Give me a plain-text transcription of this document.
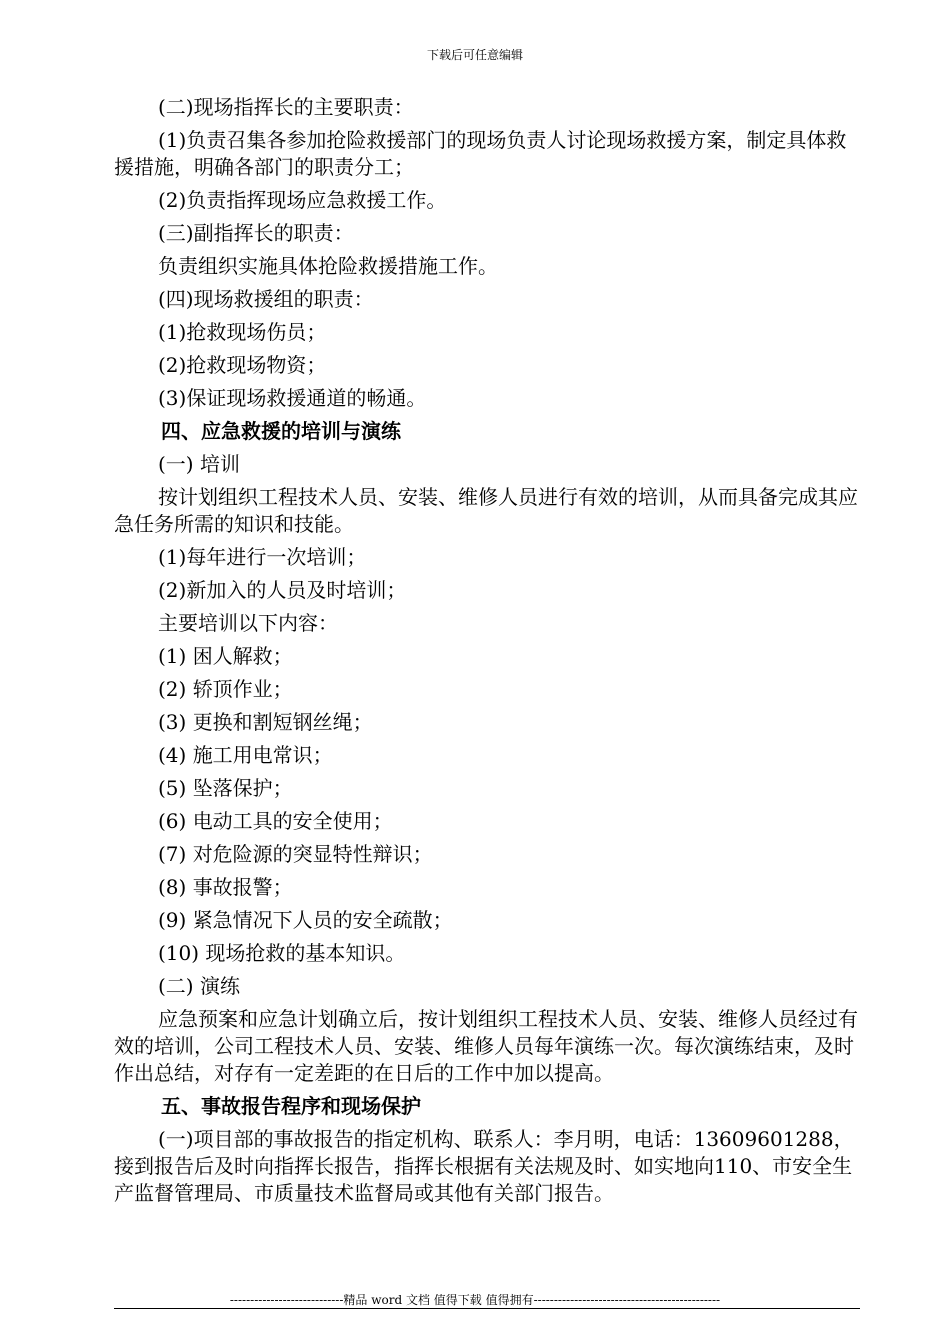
下载后可任意编辑

(二)现场指挥长的主要职责：

(1)负责召集各参加抢险救援部门的现场负责人讨论现场救援方案，制定具体救援措施，明确各部门的职责分工；

(2)负责指挥现场应急救援工作。

(三)副指挥长的职责：

负责组织实施具体抢险救援措施工作。

(四)现场救援组的职责：

(1)抢救现场伤员；

(2)抢救现场物资；

(3)保证现场救援通道的畅通。

四、应急救援的培训与演练

(一) 培训

按计划组织工程技术人员、安装、维修人员进行有效的培训，从而具备完成其应急任务所需的知识和技能。

(1)每年进行一次培训；

(2)新加入的人员及时培训；

主要培训以下内容：

(1) 困人解救；

(2) 轿顶作业；

(3) 更换和割短钢丝绳；

(4) 施工用电常识；

(5) 坠落保护；

(6) 电动工具的安全使用；

(7) 对危险源的突显特性辩识；

(8) 事故报警；

(9) 紧急情况下人员的安全疏散；

(10) 现场抢救的基本知识。

(二) 演练

应急预案和应急计划确立后，按计划组织工程技术人员、安装、维修人员经过有效的培训，公司工程技术人员、安装、维修人员每年演练一次。每次演练结束，及时作出总结，对存有一定差距的在日后的工作中加以提高。

五、事故报告程序和现场保护

(一)项目部的事故报告的指定机构、联系人：李月明，电话：13609601288，接到报告后及时向指挥长报告，指挥长根据有关法规及时、如实地向110、市安全生产监督管理局、市质量技术监督局或其他有关部门报告。

----------------------------精品 word 文档 值得下载 值得拥有----------------------------------------------
